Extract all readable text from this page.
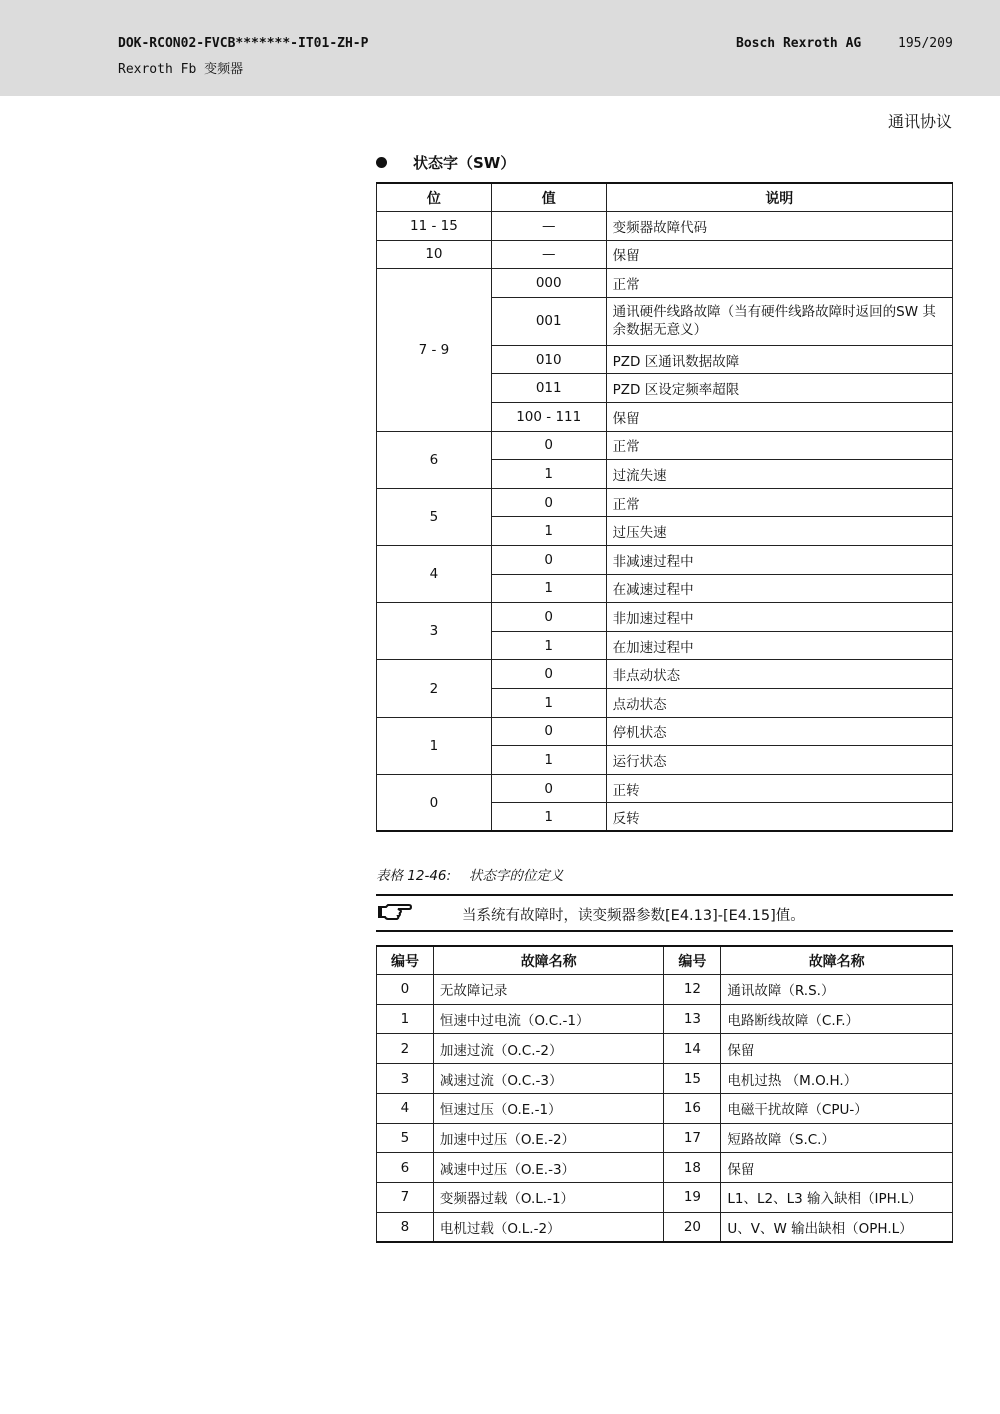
DOK-RCON02-FVCB*******-IT01-ZH-P
Rexroth Fb 变频器
Bosch Rexroth AG	195/209
通讯协议
状态字（SW）
位	值	说明
11 - 15	—	变频器故障代码
10	—	保留
7 - 9	000	正常
	001	通讯硬件线路故障（当有硬件线路故障时返回的SW 其余数据无意义）
	010	PZD 区通讯数据故障
	011	PZD 区设定频率超限
	100 - 111	保留
6	0	正常
	1	过流失速
5	0	正常
	1	过压失速
4	0	非减速过程中
	1	在减速过程中
3	0	非加速过程中
	1	在加速过程中
2	0	非点动状态
	1	点动状态
1	0	停机状态
	1	运行状态
0	0	正转
	1	反转
表格 12-46:　 状态字的位定义
当系统有故障时，读变频器参数[E4.13]-[E4.15]值。
编号	故障名称	编号	故障名称
0	无故障记录	12	通讯故障（R.S.）
1	恒速中过电流（O.C.-1）	13	电路断线故障（C.F.）
2	加速过流（O.C.-2）	14	保留
3	减速过流（O.C.-3）	15	电机过热 （M.O.H.）
4	恒速过压（O.E.-1）	16	电磁干扰故障（CPU-）
5	加速中过压（O.E.-2）	17	短路故障（S.C.）
6	减速中过压（O.E.-3）	18	保留
7	变频器过载（O.L.-1）	19	L1、L2、L3 输入缺相（IPH.L）
8	电机过载（O.L.-2）	20	U、V、W 输出缺相（OPH.L）
